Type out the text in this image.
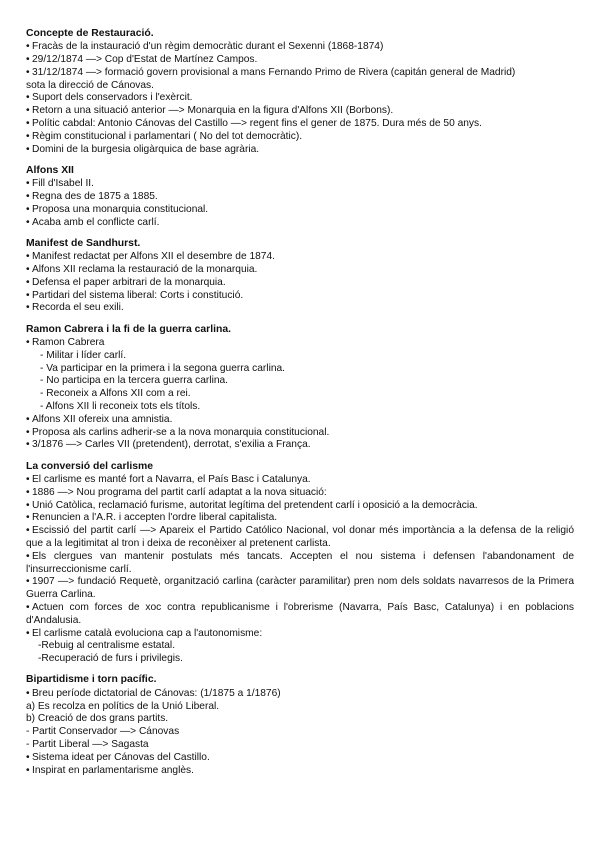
Concepte de Restauració.
• Fracàs de la instauració d'un règim democràtic durant el Sexenni (1868-1874)
• 29/12/1874 —> Cop d'Estat de Martínez Campos.
• 31/12/1874 —> formació govern provisional a mans Fernando Primo de Rivera (capitán general de Madrid)
sota la direcció de Cánovas.
• Suport dels conservadors i l'exèrcit.
• Retorn a una situació anterior —> Monarquia en la figura d'Alfons XII (Borbons).
• Polític cabdal: Antonio Cánovas del Castillo —> regent fins el gener de 1875. Dura més de 50 anys.
• Règim constitucional i parlamentari ( No del tot democràtic).
• Domini de la burgesia oligàrquica de base agrària.
Alfons XII
• Fill d'Isabel II.
• Regna des de 1875 a 1885.
• Proposa una monarquia constitucional.
• Acaba amb el conflicte carlí.
Manifest de Sandhurst.
• Manifest redactat per Alfons XII el desembre de 1874.
• Alfons XII reclama la restauració de la monarquia.
• Defensa el paper arbitrari de la monarquia.
• Partidari del sistema liberal: Corts i constitució.
• Recorda el seu exili.
Ramon Cabrera i la fi de la guerra carlina.
• Ramon Cabrera
- Militar i líder carlí.
- Va participar en la primera i la segona guerra carlina.
- No participa en la tercera guerra carlina.
- Reconeix a Alfons XII com a rei.
- Alfons XII li reconeix tots els títols.
• Alfons XII ofereix una amnistia.
• Proposa als carlins adherir-se a la nova monarquia constitucional.
• 3/1876 —> Carles VII (pretendent), derrotat, s'exilia a França.
La conversió del carlisme
• El carlisme es manté fort a Navarra, el País Basc i Catalunya.
• 1886 —> Nou programa del partit carlí adaptat a la nova situació:
• Unió Catòlica, reclamació furisme, autoritat legítima del pretendent carlí i oposició a la democràcia.
• Renuncien a l'A.R. i accepten l'ordre liberal capitalista.
• Escissió del partit carlí —> Apareix el Partido Católico Nacional, vol donar més importància a la defensa de la religió que a la legitimitat al tron i deixa de reconèixer al pretenent carlista.
• Els clergues van mantenir postulats més tancats. Accepten el nou sistema i defensen l'abandonament de l'insurreccionisme carlí.
• 1907 —> fundació Requetè, organització carlina (caràcter paramilitar) pren nom dels soldats navarresos de la Primera Guerra Carlina.
• Actuen com forces de xoc contra republicanisme i l'obrerisme (Navarra, País Basc, Catalunya) i en poblacions d'Andalusia.
• El carlisme català evoluciona cap a l'autonomisme:
-Rebuig al centralisme estatal.
-Recuperació de furs i privilegis.
Bipartidisme i torn pacífic.
• Breu període dictatorial de Cánovas: (1/1875 a 1/1876)
a) Es recolza en polítics de la Unió Liberal.
b) Creació de dos grans partits.
- Partit Conservador —> Cánovas
- Partit Liberal —> Sagasta
• Sistema ideat per Cánovas del Castillo.
• Inspirat en parlamentarisme anglès.
